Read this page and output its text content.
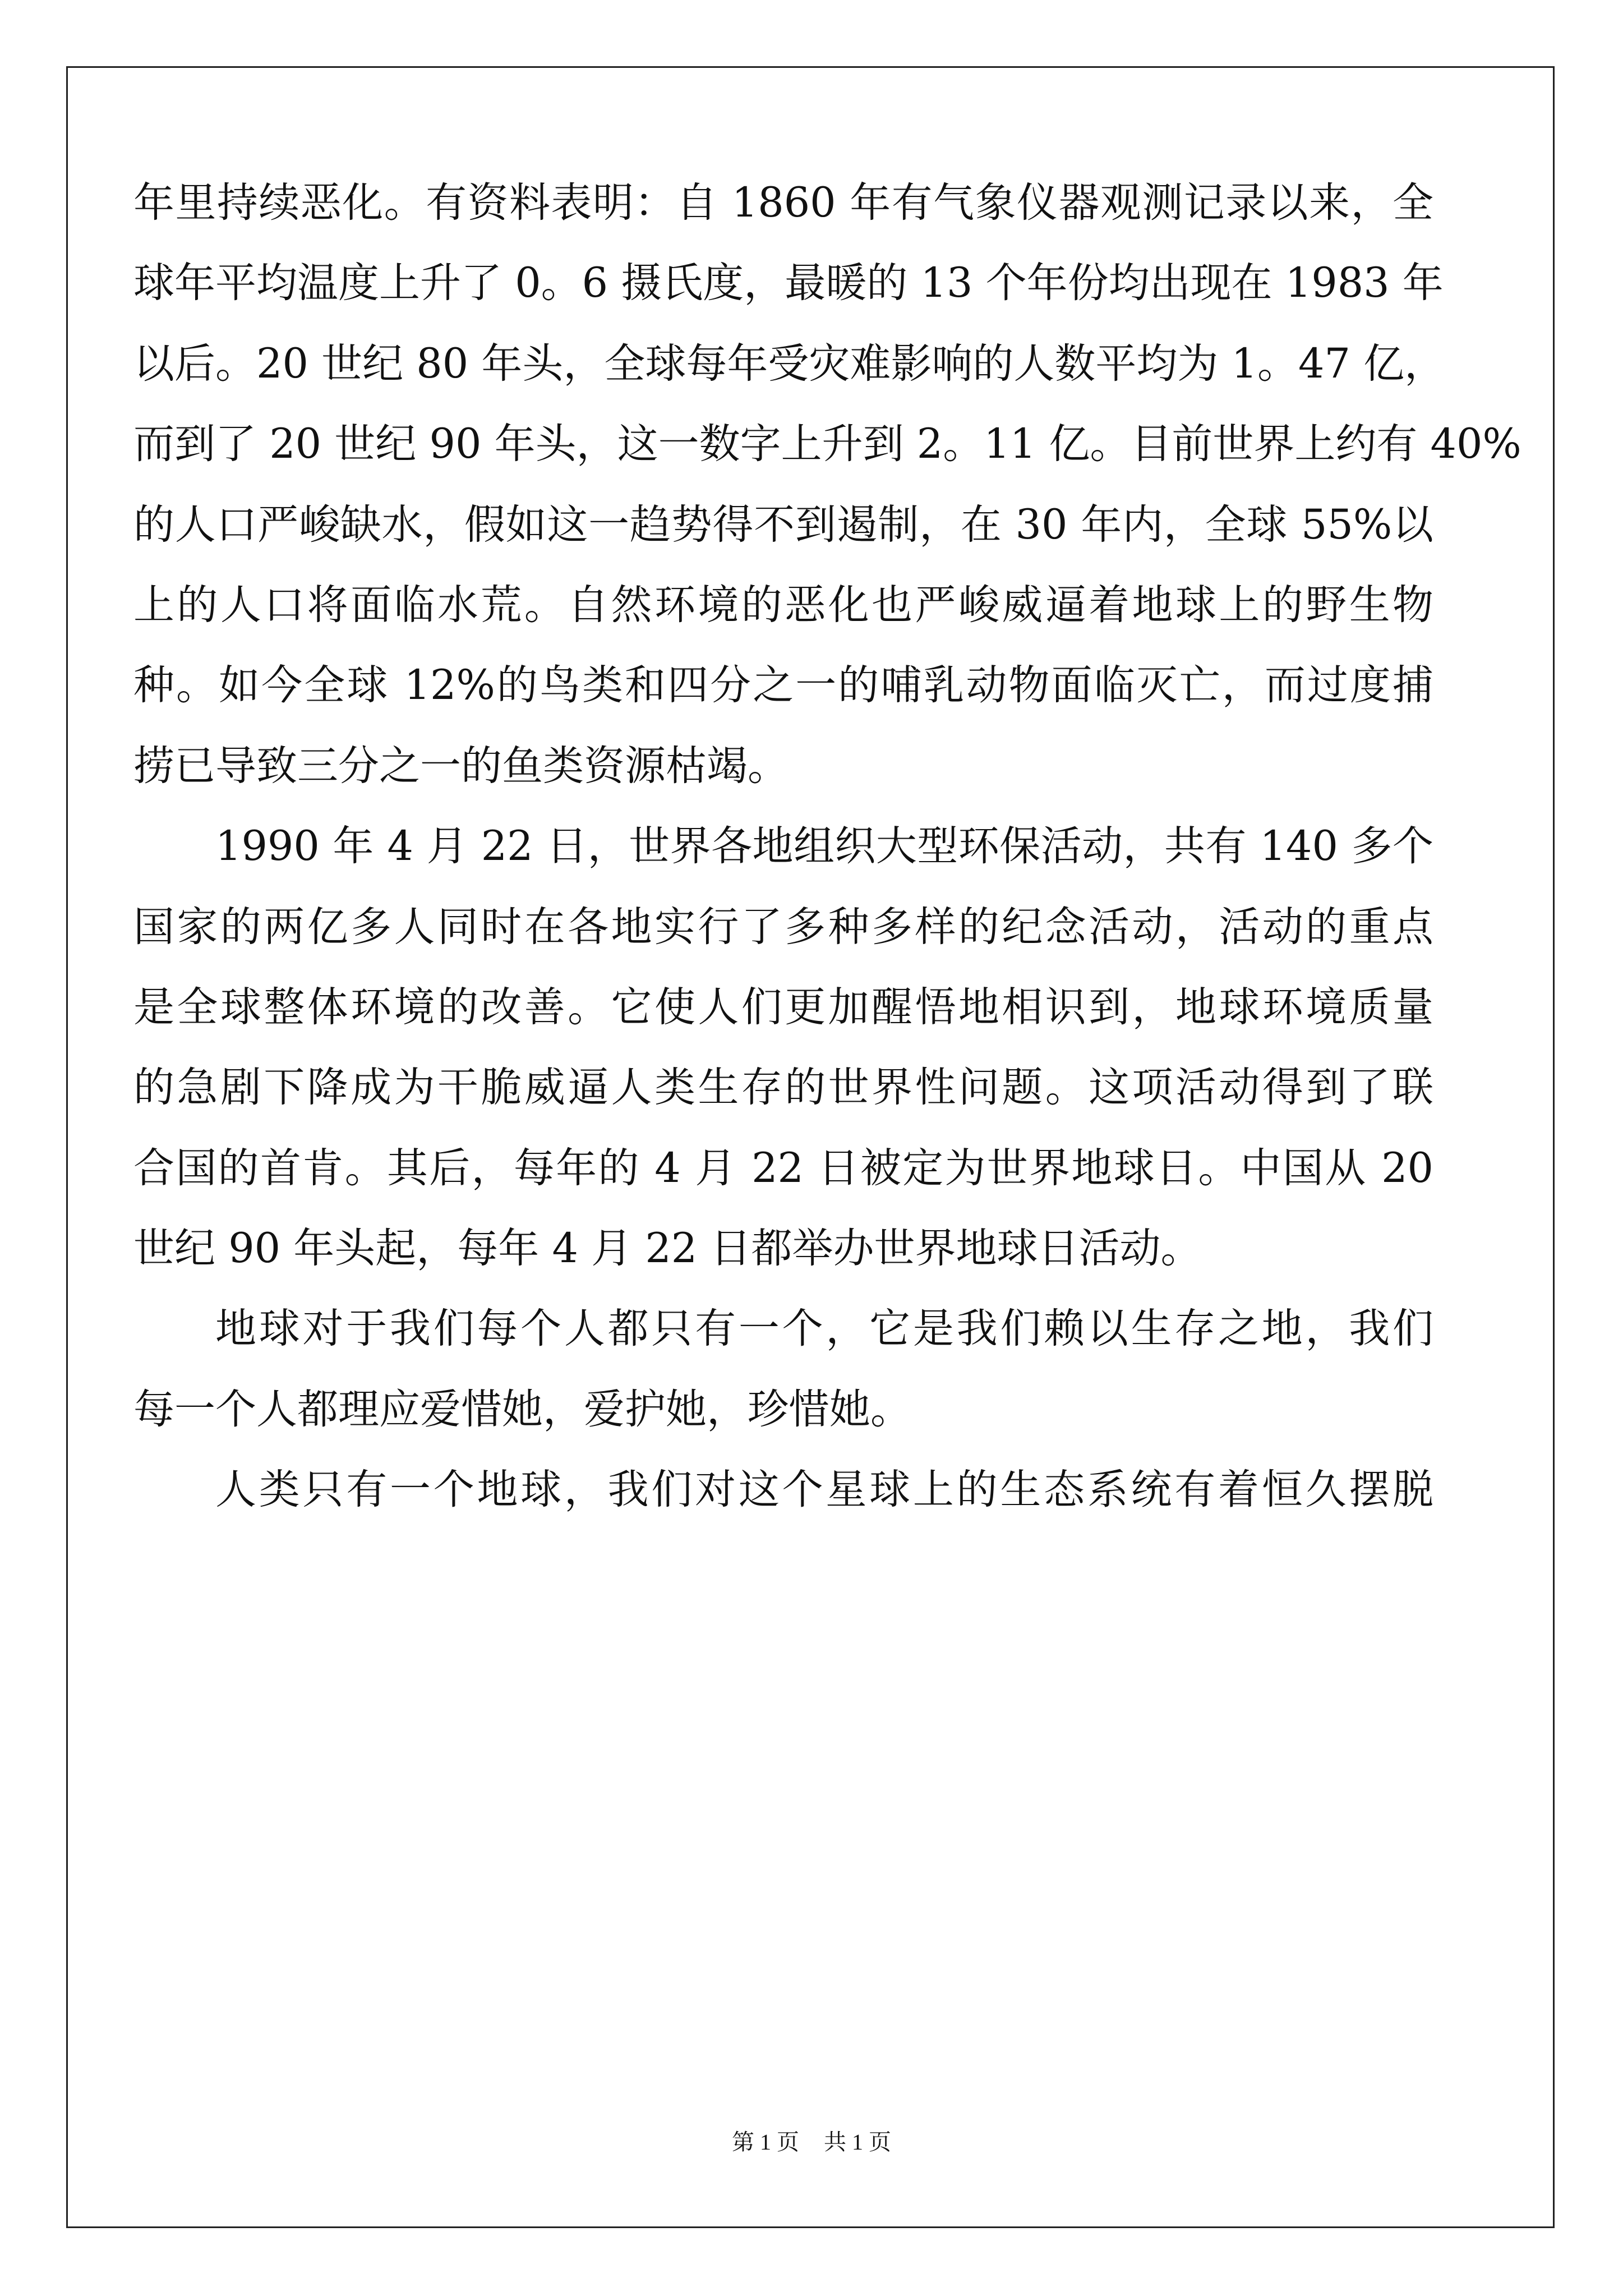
年里持续恶化。有资料表明：自 1860 年有气象仪器观测记录以来，全
球年平均温度上升了 0。6 摄氏度，最暖的 13 个年份均出现在 1983 年
以后。20 世纪 80 年头，全球每年受灾难影响的人数平均为 1。47 亿，
而到了 20 世纪 90 年头，这一数字上升到 2。11 亿。目前世界上约有 40%
的人口严峻缺水，假如这一趋势得不到遏制，在 30 年内，全球 55%以
上的人口将面临水荒。自然环境的恶化也严峻威逼着地球上的野生物
种。如今全球 12%的鸟类和四分之一的哺乳动物面临灭亡，而过度捕
捞已导致三分之一的鱼类资源枯竭。
1990 年 4 月 22 日，世界各地组织大型环保活动，共有 140 多个
国家的两亿多人同时在各地实行了多种多样的纪念活动，活动的重点
是全球整体环境的改善。它使人们更加醒悟地相识到，地球环境质量
的急剧下降成为干脆威逼人类生存的世界性问题。这项活动得到了联
合国的首肯。其后，每年的 4 月 22 日被定为世界地球日。中国从 20
世纪 90 年头起，每年 4 月 22 日都举办世界地球日活动。
地球对于我们每个人都只有一个，它是我们赖以生存之地，我们
每一个人都理应爱惜她，爱护她，珍惜她。
人类只有一个地球，我们对这个星球上的生态系统有着恒久摆脱
第 1 页 共 1 页
